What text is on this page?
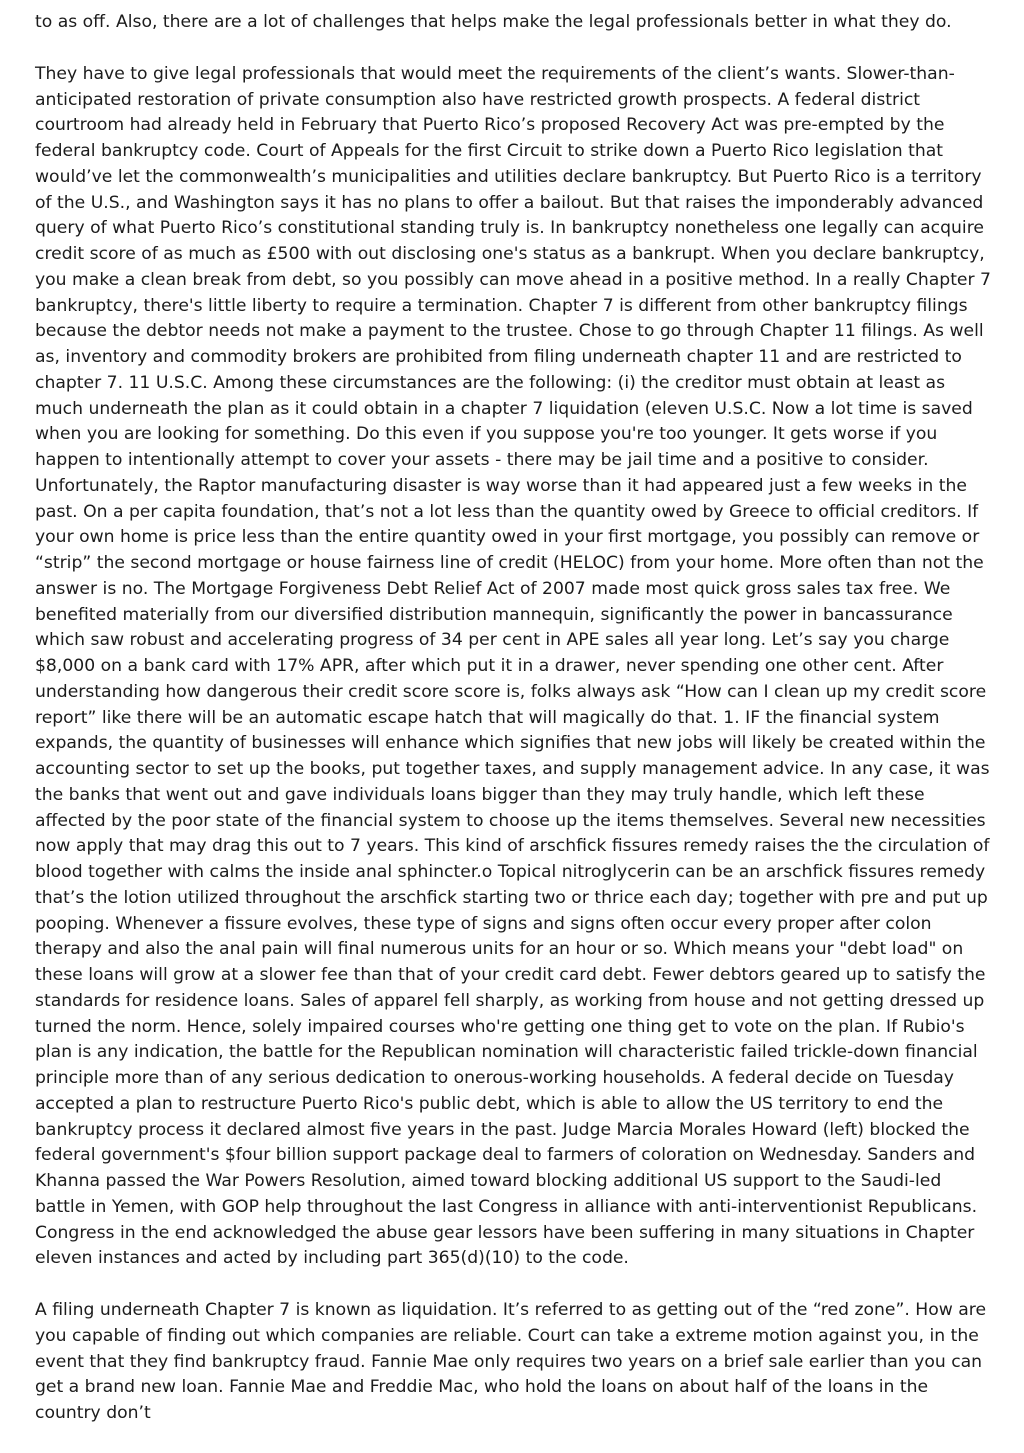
to as off. Also, there are a lot of challenges that helps make the legal professionals better in what they do.

They have to give legal professionals that would meet the requirements of the client’s wants. Slower-than-anticipated restoration of private consumption also have restricted growth prospects. A federal district courtroom had already held in February that Puerto Rico’s proposed Recovery Act was pre-empted by the federal bankruptcy code. Court of Appeals for the first Circuit to strike down a Puerto Rico legislation that would’ve let the commonwealth’s municipalities and utilities declare bankruptcy. But Puerto Rico is a territory of the U.S., and Washington says it has no plans to offer a bailout. But that raises the imponderably advanced query of what Puerto Rico’s constitutional standing truly is. In bankruptcy nonetheless one legally can acquire credit score of as much as £500 with out disclosing one's status as a bankrupt. When you declare bankruptcy, you make a clean break from debt, so you possibly can move ahead in a positive method. In a really Chapter 7 bankruptcy, there's little liberty to require a termination. Chapter 7 is different from other bankruptcy filings because the debtor needs not make a payment to the trustee. Chose to go through Chapter 11 filings. As well as, inventory and commodity brokers are prohibited from filing underneath chapter 11 and are restricted to chapter 7. 11 U.S.C. Among these circumstances are the following: (i) the creditor must obtain at least as much underneath the plan as it could obtain in a chapter 7 liquidation (eleven U.S.C. Now a lot time is saved when you are looking for something. Do this even if you suppose you're too younger. It gets worse if you happen to intentionally attempt to cover your assets - there may be jail time and a positive to consider. Unfortunately, the Raptor manufacturing disaster is way worse than it had appeared just a few weeks in the past. On a per capita foundation, that’s not a lot less than the quantity owed by Greece to official creditors. If your own home is price less than the entire quantity owed in your first mortgage, you possibly can remove or “strip” the second mortgage or house fairness line of credit (HELOC) from your home. More often than not the answer is no. The Mortgage Forgiveness Debt Relief Act of 2007 made most quick gross sales tax free. We benefited materially from our diversified distribution mannequin, significantly the power in bancassurance which saw robust and accelerating progress of 34 per cent in APE sales all year long. Let’s say you charge $8,000 on a bank card with 17% APR, after which put it in a drawer, never spending one other cent. After understanding how dangerous their credit score score is, folks always ask “How can I clean up my credit score report” like there will be an automatic escape hatch that will magically do that. 1. IF the financial system expands, the quantity of businesses will enhance which signifies that new jobs will likely be created within the accounting sector to set up the books, put together taxes, and supply management advice. In any case, it was the banks that went out and gave individuals loans bigger than they may truly handle, which left these affected by the poor state of the financial system to choose up the items themselves. Several new necessities now apply that may drag this out to 7 years. This kind of arschfick fissures remedy raises the the circulation of blood together with calms the inside anal sphincter.o Topical nitroglycerin can be an arschfick fissures remedy that’s the lotion utilized throughout the arschfick starting two or thrice each day; together with pre and put up pooping. Whenever a fissure evolves, these type of signs and signs often occur every proper after colon therapy and also the anal pain will final numerous units for an hour or so. Which means your "debt load" on these loans will grow at a slower fee than that of your credit card debt. Fewer debtors geared up to satisfy the standards for residence loans. Sales of apparel fell sharply, as working from house and not getting dressed up turned the norm. Hence, solely impaired courses who're getting one thing get to vote on the plan. If Rubio's plan is any indication, the battle for the Republican nomination will characteristic failed trickle-down financial principle more than of any serious dedication to onerous-working households. A federal decide on Tuesday accepted a plan to restructure Puerto Rico's public debt, which is able to allow the US territory to end the bankruptcy process it declared almost five years in the past. Judge Marcia Morales Howard (left) blocked the federal government's $four billion support package deal to farmers of coloration on Wednesday. Sanders and Khanna passed the War Powers Resolution, aimed toward blocking additional US support to the Saudi-led battle in Yemen, with GOP help throughout the last Congress in alliance with anti-interventionist Republicans. Congress in the end acknowledged the abuse gear lessors have been suffering in many situations in Chapter eleven instances and acted by including part 365(d)(10) to the code.

A filing underneath Chapter 7 is known as liquidation. It’s referred to as getting out of the “red zone”. How are you capable of finding out which companies are reliable. Court can take a extreme motion against you, in the event that they find bankruptcy fraud. Fannie Mae only requires two years on a brief sale earlier than you can get a brand new loan. Fannie Mae and Freddie Mac, who hold the loans on about half of the loans in the country don’t
